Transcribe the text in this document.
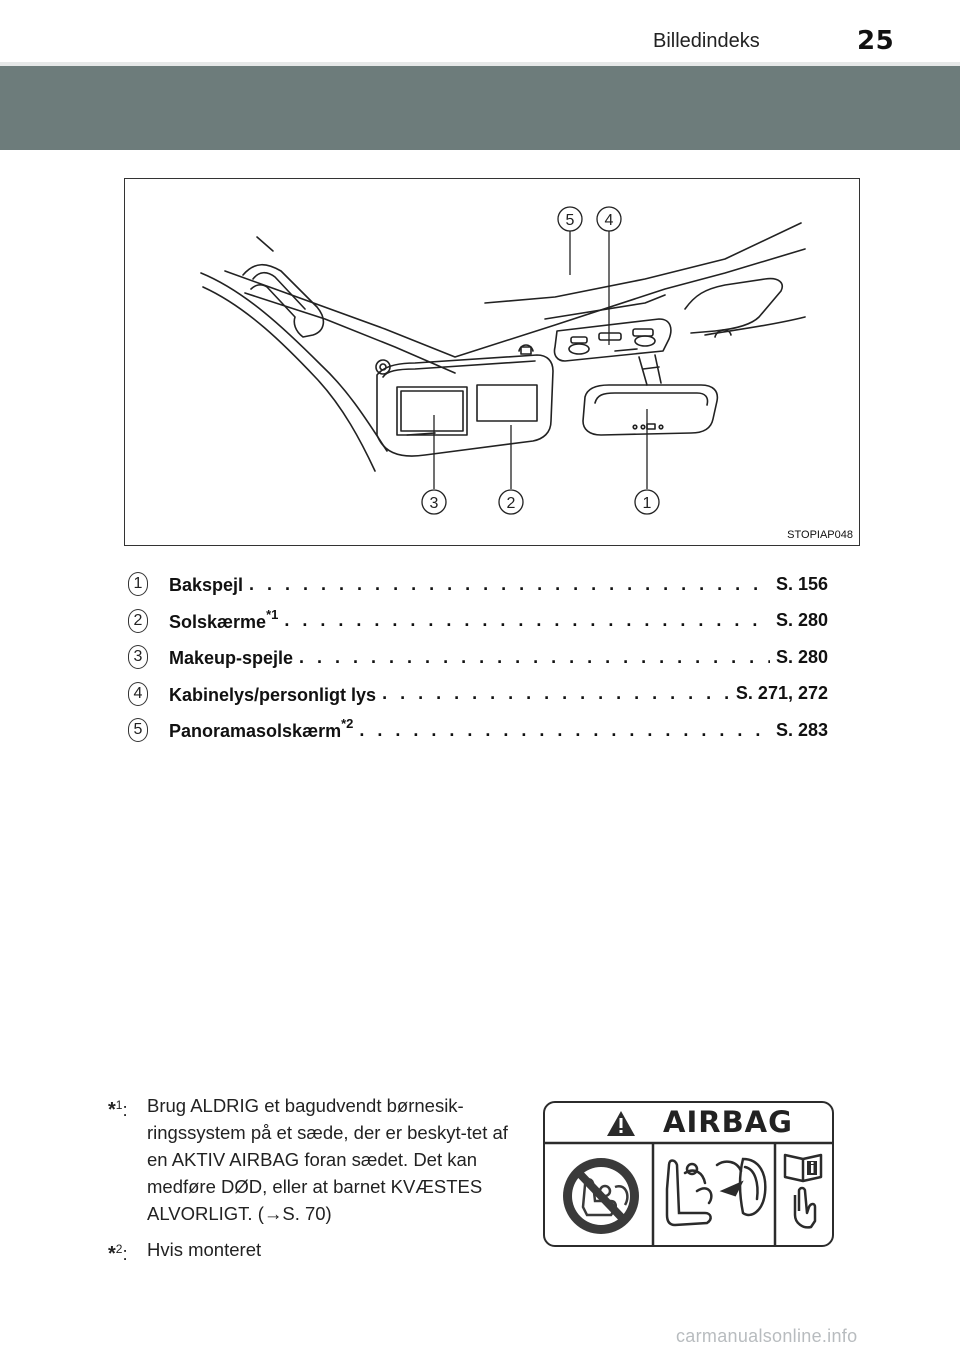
Billedindeks	25
5 4
3	2	1
STOPIAP048
1	Bakspejl . . .	S. 156
2	Solskærme$^{*1}$ . . .	S. 280
3	Makeup-spejle . . .	S. 280
4	Kabinelys/personligt lys . . .	S. 271, 272
5	Panoramasolskærm$^{*2}$ . . .	S. 283
*$^1$:	Brug ALDRIG et bagudvendt børnesik-ringssystem på et sæde, der er beskyt-tet af en AKTIV AIRBAG foran sædet. Det kan medføre DØD, eller at barnet KVÆSTES ALVORLIGT. (→S. 70)
*$^2$:	Hvis monteret
AIRBAG
carmanualsonline.info
